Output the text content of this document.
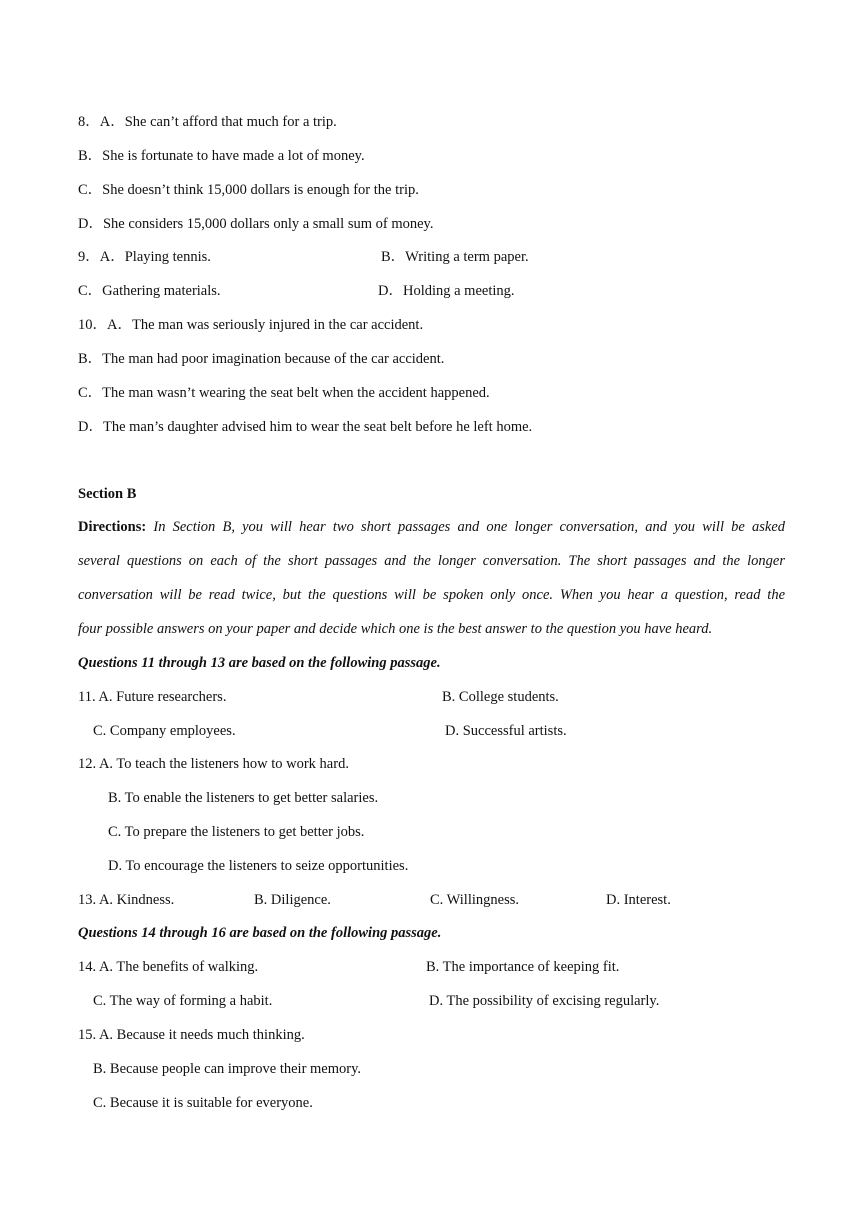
8．A．She can’t afford that much for a trip.
B．She is fortunate to have made a lot of money.
C．She doesn’t think 15,000 dollars is enough for the trip.
D．She considers 15,000 dollars only a small sum of money.
9．A．Playing tennis.	B．Writing a term paper.
C．Gathering materials.	D．Holding a meeting.
10．A．The man was seriously injured in the car accident.
B．The man had poor imagination because of the car accident.
C．The man wasn’t wearing the seat belt when the accident happened.
D．The man’s daughter advised him to wear the seat belt before he left home.
Section B
Directions: In Section B, you will hear two short passages and one longer conversation, and you will be asked
several questions on each of the short passages and the longer conversation. The short passages and the longer
conversation will be read twice, but the questions will be spoken only once. When you hear a question, read the
four possible answers on your paper and decide which one is the best answer to the question you have heard.
Questions 11 through 13 are based on the following passage.
11. A. Future researchers.	B. College students.
C. Company employees.	D. Successful artists.
12. A. To teach the listeners how to work hard.
B. To enable the listeners to get better salaries.
C. To prepare the listeners to get better jobs.
D. To encourage the listeners to seize opportunities.
13. A. Kindness.	B. Diligence.	C. Willingness.	D. Interest.
Questions 14 through 16 are based on the following passage.
14. A. The benefits of walking.	B. The importance of keeping fit.
C. The way of forming a habit.	D. The possibility of excising regularly.
15. A. Because it needs much thinking.
B. Because people can improve their memory.
C. Because it is suitable for everyone.
